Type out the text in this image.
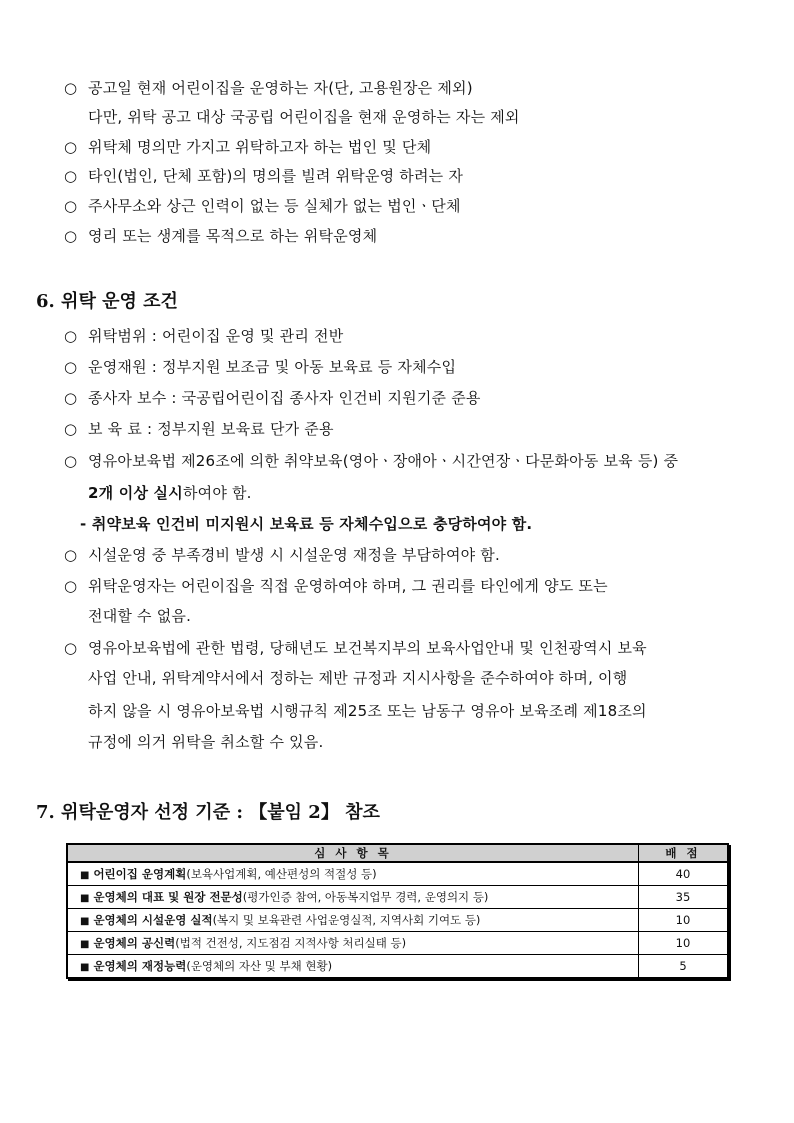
○ 공고일 현재 어린이집을 운영하는 자(단, 고용원장은 제외)
다만, 위탁 공고 대상 국공립 어린이집을 현재 운영하는 자는 제외
○ 위탁체 명의만 가지고 위탁하고자 하는 법인 및 단체
○ 타인(법인, 단체 포함)의 명의를 빌려 위탁운영 하려는 자
○ 주사무소와 상근 인력이 없는 등 실체가 없는 법인ㆍ단체
○ 영리 또는 생계를 목적으로 하는 위탁운영체
6. 위탁 운영 조건
○ 위탁범위 : 어린이집 운영 및 관리 전반
○ 운영재원 : 정부지원 보조금 및 아동 보육료 등 자체수입
○ 종사자 보수 : 국공립어린이집 종사자 인건비 지원기준 준용
○ 보 육 료 : 정부지원 보육료 단가 준용
○ 영유아보육법 제26조에 의한 취약보육(영아ㆍ장애아ㆍ시간연장ㆍ다문화아동 보육 등) 중
2개 이상 실시하여야 함.
- 취약보육 인건비 미지원시 보육료 등 자체수입으로 충당하여야 함.
○ 시설운영 중 부족경비 발생 시 시설운영 재정을 부담하여야 함.
○ 위탁운영자는 어린이집을 직접 운영하여야 하며, 그 권리를 타인에게 양도 또는
전대할 수 없음.
○ 영유아보육법에 관한 법령, 당해년도 보건복지부의 보육사업안내 및 인천광역시 보육
사업 안내, 위탁계약서에서 정하는 제반 규정과 지시사항을 준수하여야 하며, 이행
하지 않을 시 영유아보육법 시행규칙 제25조 또는 남동구 영유아 보육조례 제18조의
규정에 의거 위탁을 취소할 수 있음.
7. 위탁운영자 선정 기준 : 【붙임 2】 참조
심 사 항 목	배 점
■ 어린이집 운영계획(보육사업계획, 예산편성의 적절성 등)	40
■ 운영체의 대표 및 원장 전문성(평가인증 참여, 아동복지업무 경력, 운영의지 등)	35
■ 운영체의 시설운영 실적(복지 및 보육관련 사업운영실적, 지역사회 기여도 등)	10
■ 운영체의 공신력(법적 건전성, 지도점검 지적사항 처리실태 등)	10
■ 운영체의 재정능력(운영체의 자산 및 부채 현황)	5
